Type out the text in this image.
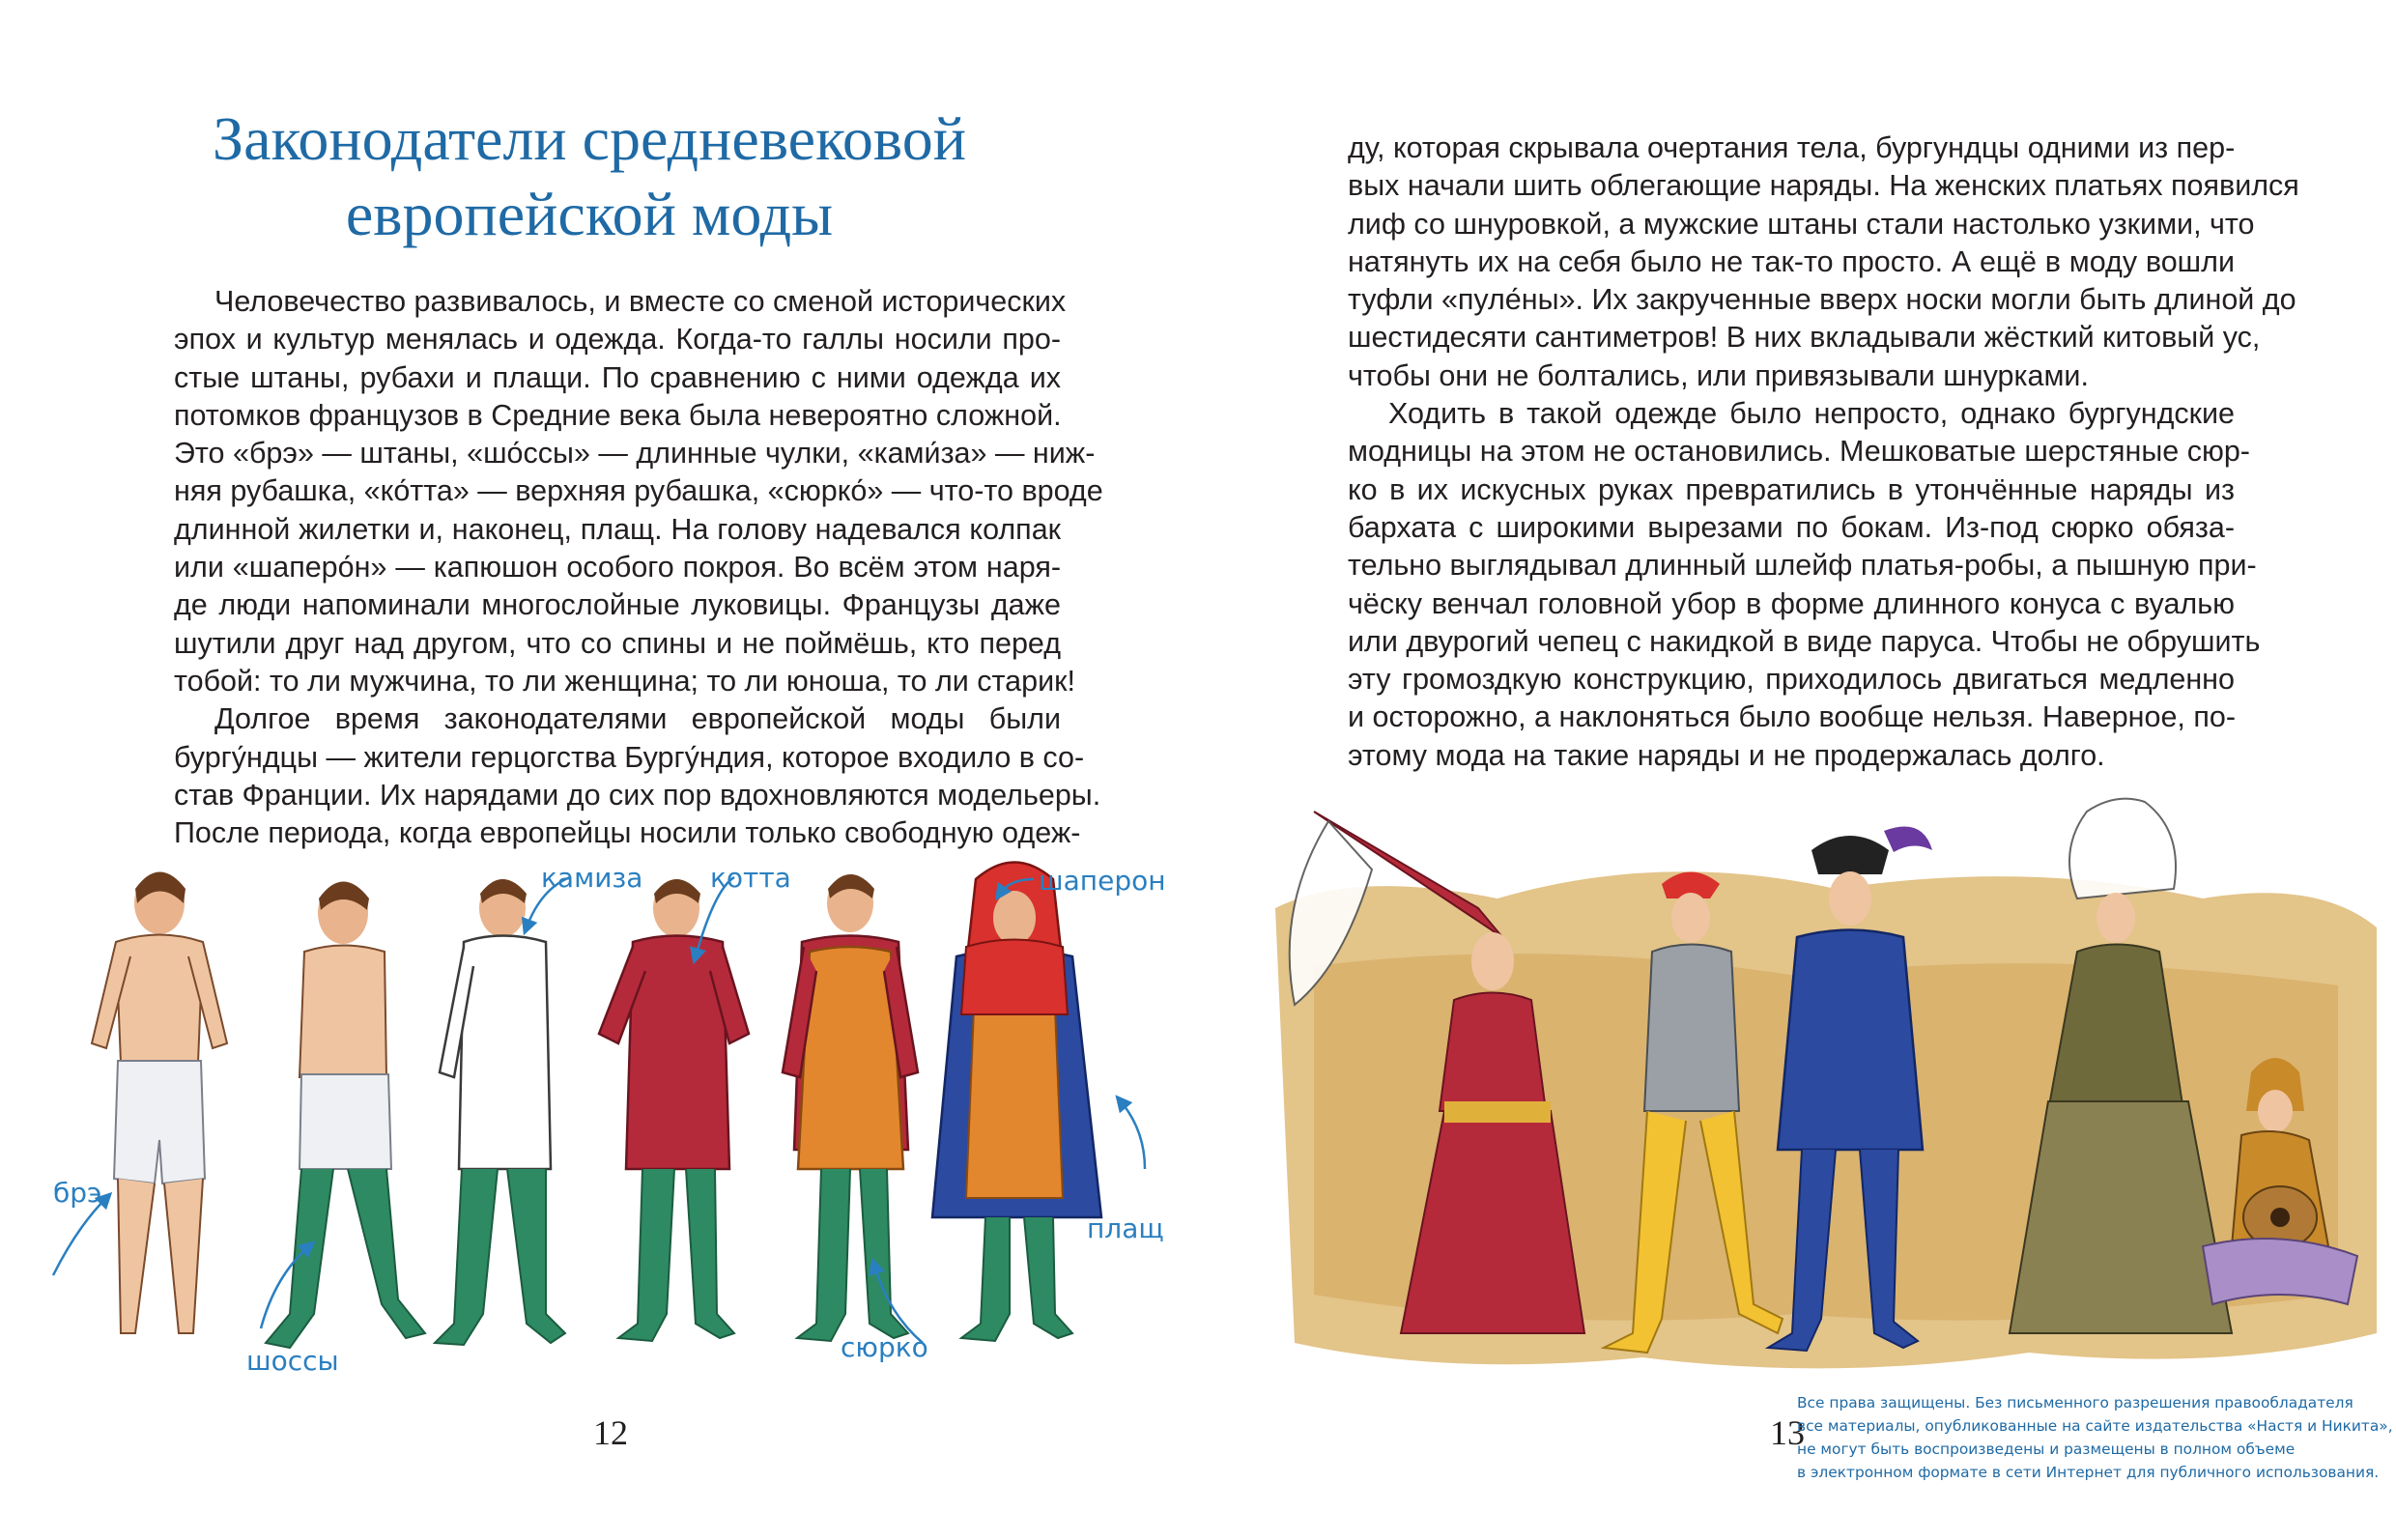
Законодатели средневековой
европейской моды
Человечество развивалось, и вместе со сменой исторических
эпох и культур менялась и одежда. Когда-то галлы носили про-
стые штаны, рубахи и плащи. По сравнению с ними одежда их
потомков французов в Средние века была невероятно сложной.
Это «брэ» — штаны, «шо́ссы» — длинные чулки, «ками́за» — ниж-
няя рубашка, «ко́тта» — верхняя рубашка, «сюрко́» — что-то вроде
длинной жилетки и, наконец, плащ. На голову надевался колпак
или «шаперо́н» — капюшон особого покроя. Во всём этом наря-
де люди напоминали многослойные луковицы. Французы даже
шутили друг над другом, что со спины и не поймёшь, кто перед
тобой: то ли мужчина, то ли женщина; то ли юноша, то ли старик!
Долгое время законодателями европейской моды были
бургу́ндцы — жители герцогства Бургу́ндия, которое входило в со-
став Франции. Их нарядами до сих пор вдохновляются модельеры.
После периода, когда европейцы носили только свободную одеж-
брэ
шоссы
камиза котта
сюрко
шаперон
плащ
12
ду, которая скрывала очертания тела, бургундцы одними из пер-
вых начали шить облегающие наряды. На женских платьях появился
лиф со шнуровкой, а мужские штаны стали настолько узкими, что
натянуть их на себя было не так-то просто. А ещё в моду вошли
туфли «пуле́ны». Их закрученные вверх носки могли быть длиной до
шестидесяти сантиметров! В них вкладывали жёсткий китовый ус,
чтобы они не болтались, или привязывали шнурками.
Ходить в такой одежде было непросто, однако бургундские
модницы на этом не остановились. Мешковатые шерстяные сюр-
ко в их искусных руках превратились в утончённые наряды из
бархата с широкими вырезами по бокам. Из-под сюрко обяза-
тельно выглядывал длинный шлейф платья-робы, а пышную при-
чёску венчал головной убор в форме длинного конуса с вуалью
или двурогий чепец с накидкой в виде паруса. Чтобы не обрушить
эту громоздкую конструкцию, приходилось двигаться медленно
и осторожно, а наклоняться было вообще нельзя. Наверное, по-
этому мода на такие наряды и не продержалась долго.
13
Все права защищены. Без письменного разрешения правообладателя
все материалы, опубликованные на сайте издательства «Настя и Никита»,
не могут быть воспроизведены и размещены в полном объеме
в электронном формате в сети Интернет для публичного использования.
